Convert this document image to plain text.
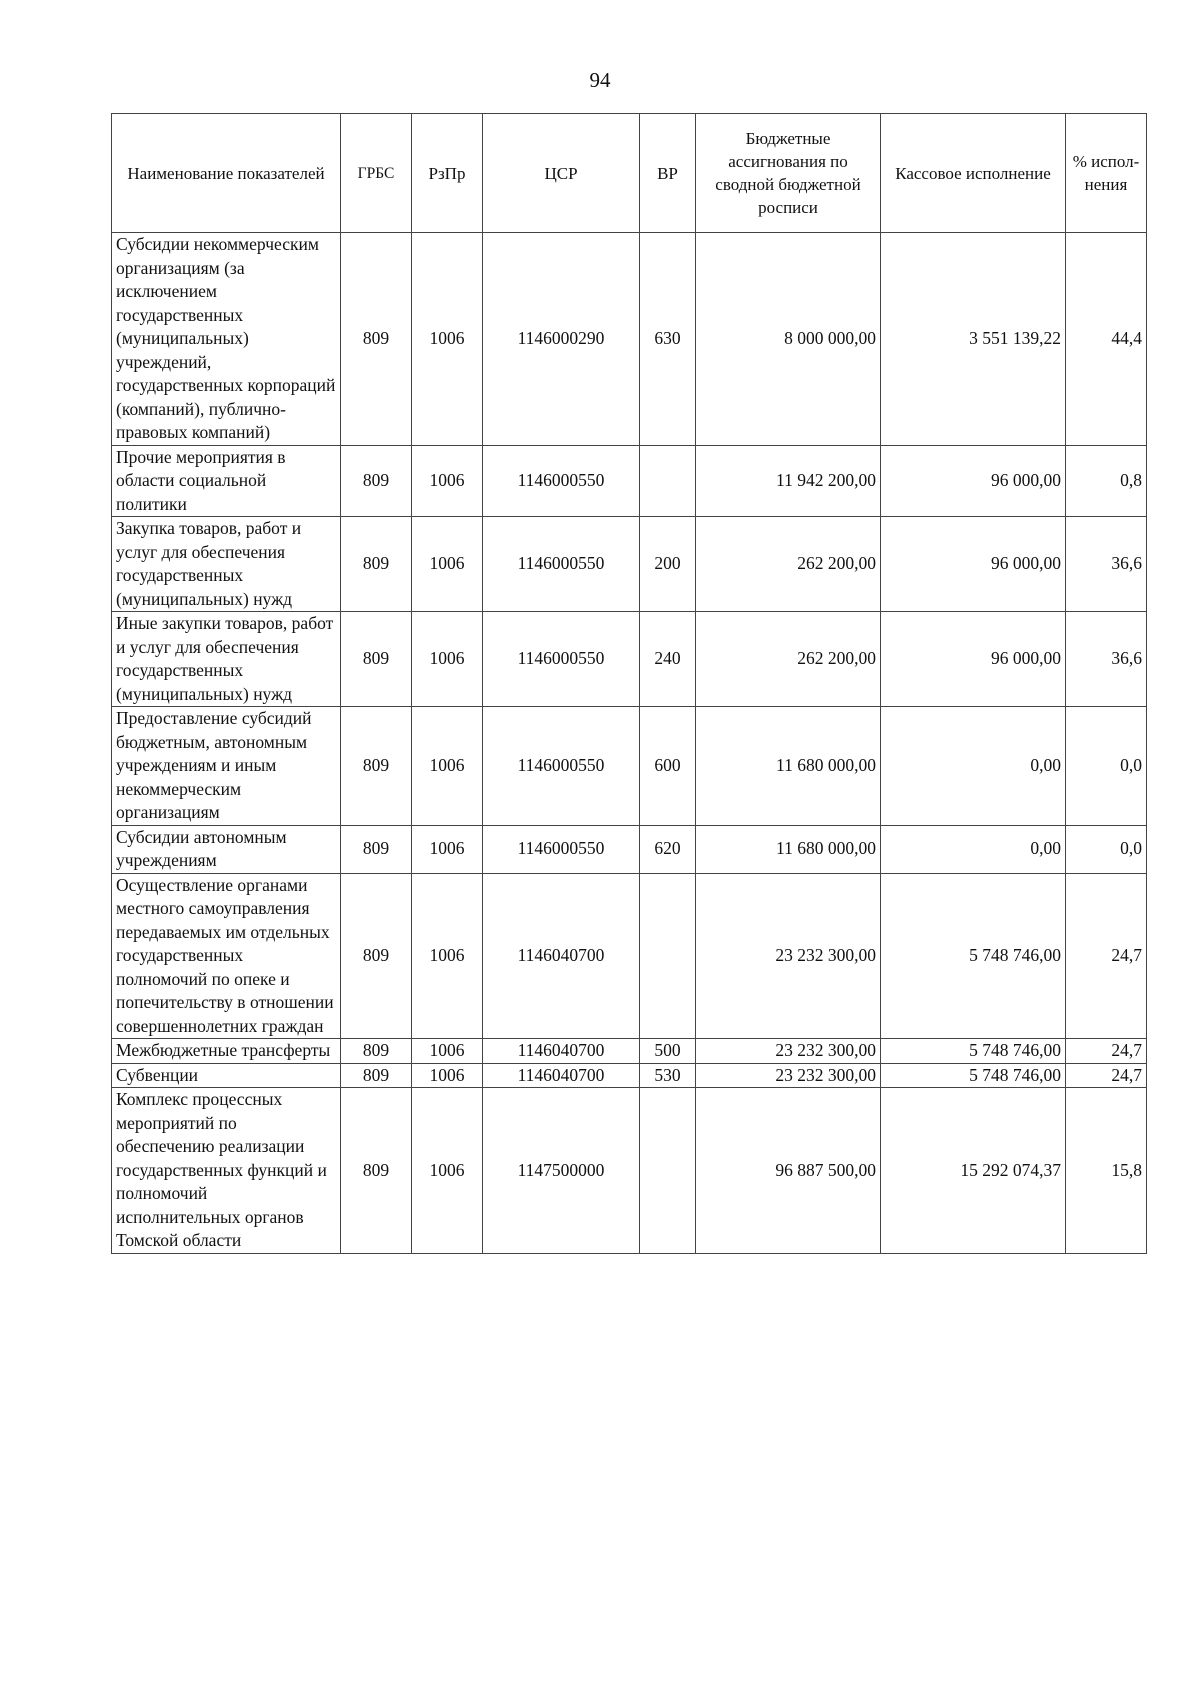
94
Наименование показателей	ГРБС	РзПр	ЦСР	ВР	Бюджетные ассигнования по сводной бюджетной росписи	Кассовое исполнение	% испол-нения
Субсидии некоммерческим организациям (за исключением государственных (муниципальных) учреждений, государственных корпораций (компаний), публично-правовых компаний)	809	1006	1146000290	630	8 000 000,00	3 551 139,22	44,4
Прочие мероприятия в области социальной политики	809	1006	1146000550		11 942 200,00	96 000,00	0,8
Закупка товаров, работ и услуг для обеспечения государственных (муниципальных) нужд	809	1006	1146000550	200	262 200,00	96 000,00	36,6
Иные закупки товаров, работ и услуг для обеспечения государственных (муниципальных) нужд	809	1006	1146000550	240	262 200,00	96 000,00	36,6
Предоставление субсидий бюджетным, автономным учреждениям и иным некоммерческим организациям	809	1006	1146000550	600	11 680 000,00	0,00	0,0
Субсидии автономным учреждениям	809	1006	1146000550	620	11 680 000,00	0,00	0,0
Осуществление органами местного самоуправления передаваемых им отдельных государственных полномочий по опеке и попечительству в отношении совершеннолетних граждан	809	1006	1146040700		23 232 300,00	5 748 746,00	24,7
Межбюджетные трансферты	809	1006	1146040700	500	23 232 300,00	5 748 746,00	24,7
Субвенции	809	1006	1146040700	530	23 232 300,00	5 748 746,00	24,7
Комплекс процессных мероприятий по обеспечению реализации государственных функций и полномочий исполнительных органов Томской области	809	1006	1147500000		96 887 500,00	15 292 074,37	15,8
